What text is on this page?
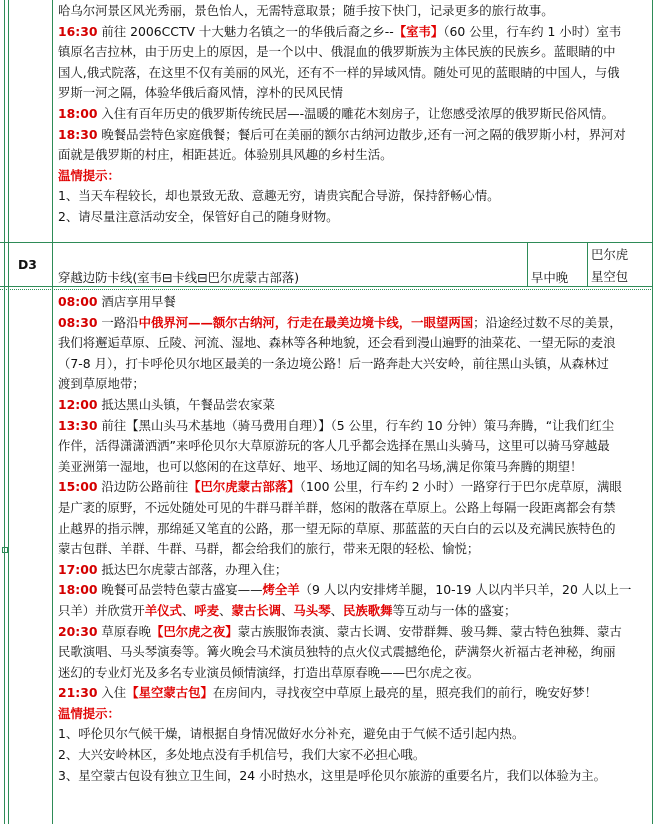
哈乌尔河景区风光秀丽，景色怡人，无需特意取景；随手按下快门，记录更多的旅行故事。
16:30 前往 2006CCTV 十大魅力名镇之一的华俄后裔之乡--【室韦】（60 公里，行车约 1 小时）室韦
镇原名吉拉林，由于历史上的原因，是一个以中、俄混血的俄罗斯族为主体民族的民族乡。蓝眼睛的中
国人,俄式院落，在这里不仅有美丽的风光，还有不一样的异域风情。随处可见的蓝眼睛的中国人，与俄
罗斯一河之隔，体验华俄后裔风情，淳朴的民风民情
18:00 入住有百年历史的俄罗斯传统民居—-温暖的雕花木刻房子，让您感受浓厚的俄罗斯民俗风情。
18:30 晚餐品尝特色家庭俄餐；餐后可在美丽的额尔古纳河边散步,还有一河之隔的俄罗斯小村，界河对
面就是俄罗斯的村庄，相距甚近。体验别具风趣的乡村生活。
温情提示：
1、当天车程较长，却也景致无敌、意趣无穷，请贵宾配合导游，保持舒畅心情。
2、请尽量注意活动安全，保管好自己的随身财物。
D3
穿越边防卡线(室韦⊟卡线⊟巴尔虎蒙古部落)	早中晚
巴尔虎
星空包
08:00 酒店享用早餐
08:30 一路沿中俄界河——额尔古纳河，行走在最美边境卡线，一眼望两国；沿途经过数不尽的美景，
我们将邂逅草原、丘陵、河流、湿地、森林等各种地貌，还会看到漫山遍野的油菜花、一望无际的麦浪
（7-8 月），打卡呼伦贝尔地区最美的一条边境公路！后一路奔赴大兴安岭，前往黑山头镇，从森林过
渡到草原地带；
12:00 抵达黑山头镇，午餐品尝农家菜
13:30 前往【黑山头马术基地（骑马费用自理）】（5 公里，行车约 10 分钟）策马奔腾，“让我们红尘
作伴，活得潇潇洒洒”来呼伦贝尔大草原游玩的客人几乎都会选择在黑山头骑马，这里可以骑马穿越最
美亚洲第一湿地，也可以悠闲的在这草好、地平、场地辽阔的知名马场,满足你策马奔腾的期望！
15:00 沿边防公路前往【巴尔虎蒙古部落】（100 公里，行车约 2 小时）一路穿行于巴尔虎草原，满眼
是广袤的原野，不远处随处可见的牛群马群羊群，悠闲的散落在草原上。公路上每隔一段距离都会有禁
止越界的指示牌，那绵延又笔直的公路，那一望无际的草原、那蓝蓝的天白白的云以及充满民族特色的
蒙古包群、羊群、牛群、马群，都会给我们的旅行，带来无限的轻松、愉悦；
17:00 抵达巴尔虎蒙古部落，办理入住；
18:00 晚餐可品尝特色蒙古盛宴——烤全羊（9 人以内安排烤羊腿，10-19 人以内半只羊，20 人以上一
只羊）并欣赏开羊仪式、呼麦、蒙古长调、马头琴、民族歌舞等互动与一体的盛宴；
20:30 草原春晚【巴尔虎之夜】蒙古族服饰表演、蒙古长调、安带群舞、骏马舞、蒙古特色独舞、蒙古
民歌演唱、马头琴演奏等。篝火晚会马术演员独特的点火仪式震撼绝伦，萨满祭火祈福古老神秘，绚丽
迷幻的专业灯光及多名专业演员倾情演绎，打造出草原春晚——巴尔虎之夜。
21:30 入住【星空蒙古包】在房间内，寻找夜空中草原上最亮的星，照亮我们的前行，晚安好梦！
温情提示：
1、呼伦贝尔气候干燥，请根据自身情况做好水分补充，避免由于气候不适引起内热。
2、大兴安岭林区，多处地点没有手机信号，我们大家不必担心哦。
3、星空蒙古包设有独立卫生间，24 小时热水，这里是呼伦贝尔旅游的重要名片，我们以体验为主。
